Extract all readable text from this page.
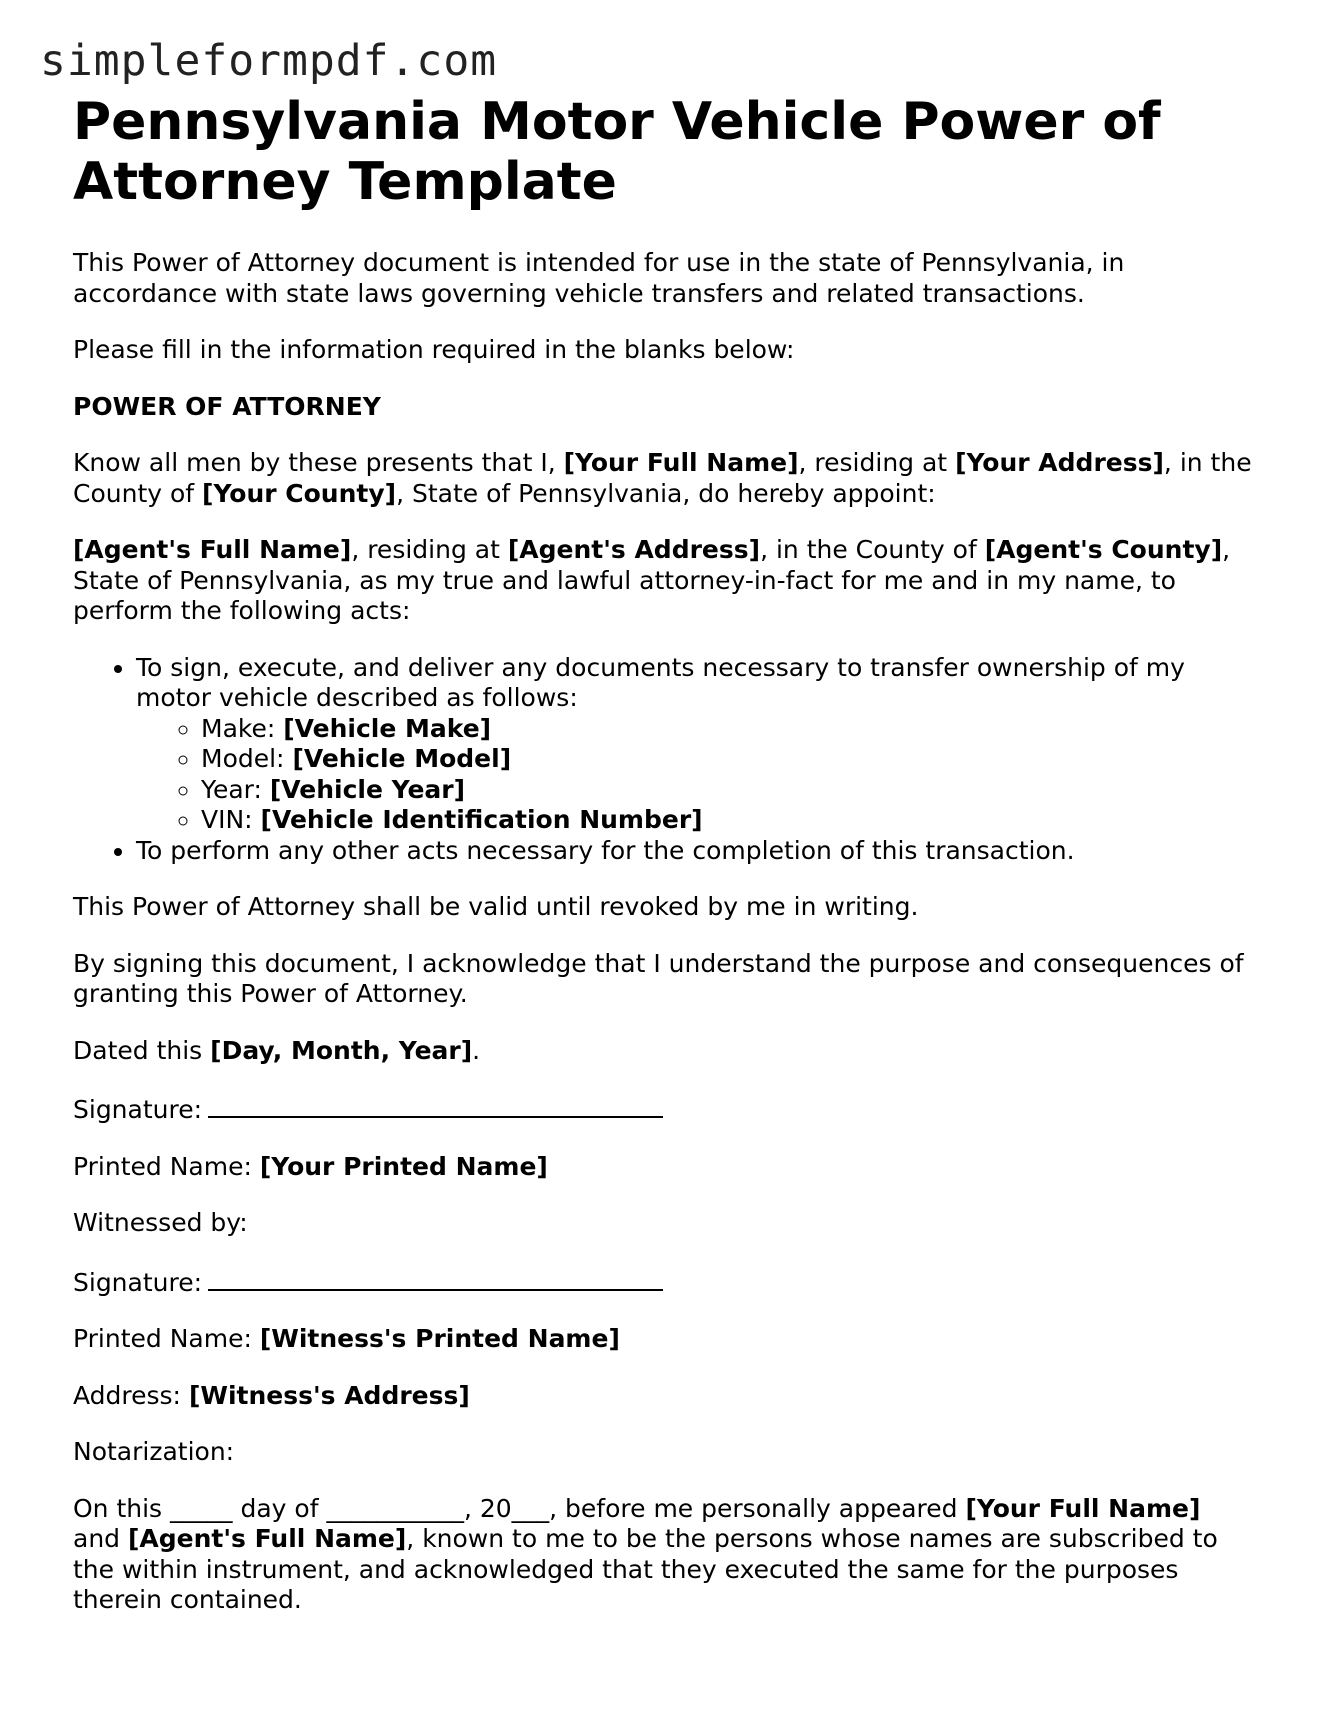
simpleformpdf.com
Pennsylvania Motor Vehicle Power of Attorney Template

This Power of Attorney document is intended for use in the state of Pennsylvania, in accordance with state laws governing vehicle transfers and related transactions.

Please fill in the information required in the blanks below:

POWER OF ATTORNEY

Know all men by these presents that I, [Your Full Name], residing at [Your Address], in the County of [Your County], State of Pennsylvania, do hereby appoint:

[Agent's Full Name], residing at [Agent's Address], in the County of [Agent's County], State of Pennsylvania, as my true and lawful attorney-in-fact for me and in my name, to perform the following acts:

• To sign, execute, and deliver any documents necessary to transfer ownership of my motor vehicle described as follows:
◦ Make: [Vehicle Make]
◦ Model: [Vehicle Model]
◦ Year: [Vehicle Year]
◦ VIN: [Vehicle Identification Number]
• To perform any other acts necessary for the completion of this transaction.

This Power of Attorney shall be valid until revoked by me in writing.

By signing this document, I acknowledge that I understand the purpose and consequences of granting this Power of Attorney.

Dated this [Day, Month, Year].

Signature:

Printed Name: [Your Printed Name]

Witnessed by:

Signature:

Printed Name: [Witness's Printed Name]

Address: [Witness's Address]

Notarization:

On this _____ day of ___________, 20___, before me personally appeared [Your Full Name] and [Agent's Full Name], known to me to be the persons whose names are subscribed to the within instrument, and acknowledged that they executed the same for the purposes therein contained.
